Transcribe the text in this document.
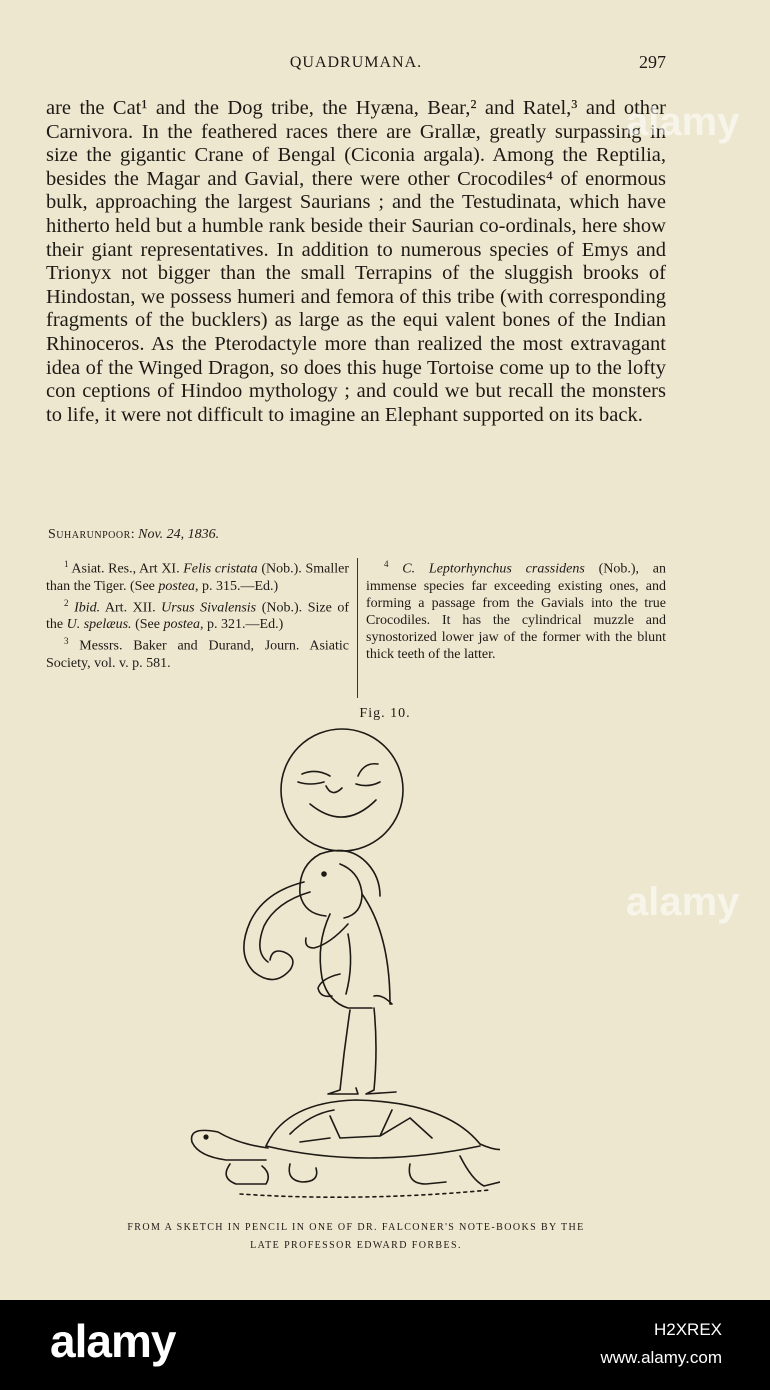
QUADRUMANA.	297

are the Cat¹ and the Dog tribe, the Hyæna, Bear,² and Ratel,³ and other Carnivora. In the feathered races there are Grallæ, greatly surpassing in size the gigantic Crane of Bengal (Ciconia argala). Among the Reptilia, besides the Magar and Gavial, there were other Crocodiles⁴ of enormous bulk, approaching the largest Saurians ; and the Testudinata, which have hitherto held but a humble rank beside their Saurian co-ordinals, here show their giant representatives. In addition to numerous species of Emys and Trionyx not bigger than the small Terrapins of the sluggish brooks of Hindostan, we possess humeri and femora of this tribe (with corresponding fragments of the bucklers) as large as the equi valent bones of the Indian Rhinoceros. As the Pterodactyle more than realized the most extravagant idea of the Winged Dragon, so does this huge Tortoise come up to the lofty con ceptions of Hindoo mythology ; and could we but recall the monsters to life, it were not difficult to imagine an Elephant supported on its back.

Suharunpoor: Nov. 24, 1836.

$^1$ Asiat. Res., Art XI. Felis cristata (Nob.). Smaller than the Tiger. (See postea, p. 315.—Ed.)

$^2$ Ibid. Art. XII. Ursus Sivalensis (Nob.). Size of the U. spelæus. (See postea, p. 321.—Ed.)

$^3$ Messrs. Baker and Durand, Journ. Asiatic Society, vol. v. p. 581.

$^4$ C. Leptorhynchus crassidens (Nob.), an immense species far exceeding existing ones, and forming a passage from the Gavials into the true Crocodiles. It has the cylindrical muzzle and synostorized lower jaw of the former with the blunt thick teeth of the latter.

Fig. 10.
FROM A SKETCH IN PENCIL IN ONE OF DR. FALCONER'S NOTE-BOOKS BY THE
LATE PROFESSOR EDWARD FORBES.
alamy
alamy
alamy	H2XREX
www.alamy.com
